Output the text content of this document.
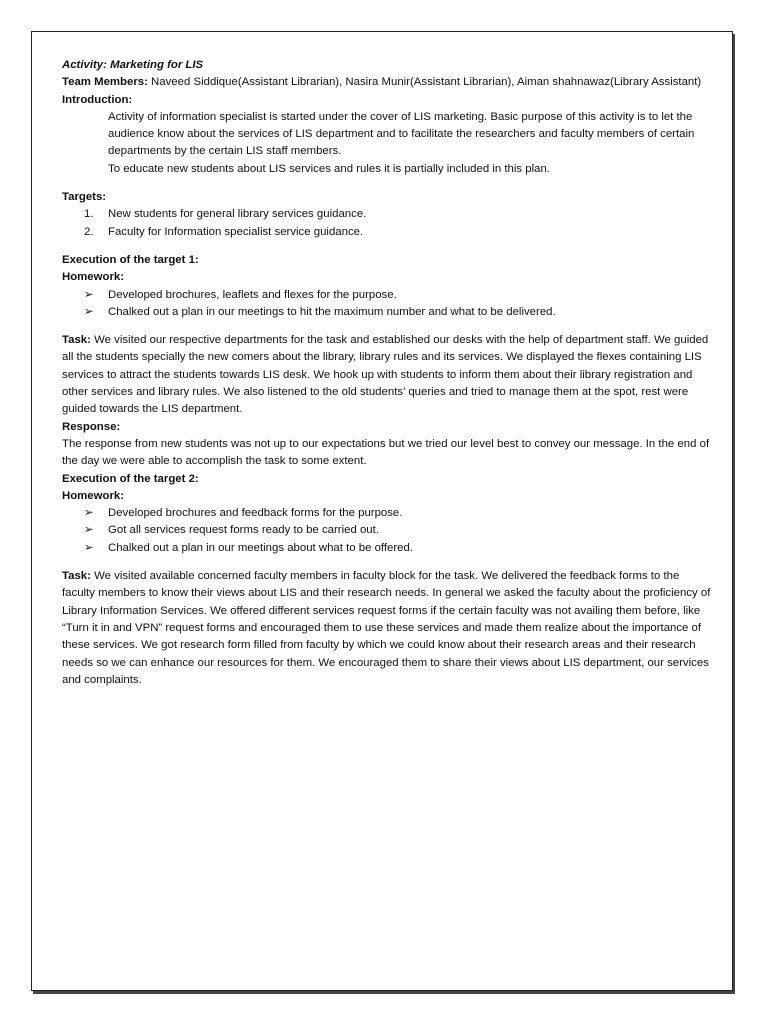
Activity: Marketing for LIS

Team Members: Naveed Siddique(Assistant Librarian), Nasira Munir(Assistant Librarian), Aiman shahnawaz(Library Assistant)

Introduction:

Activity of information specialist is started under the cover of LIS marketing. Basic purpose of this activity is to let the audience know about the services of LIS department and to facilitate the researchers and faculty members of certain departments by the certain LIS staff members.

To educate new students about LIS services and rules it is partially included in this plan.

Targets:

1. New students for general library services guidance.
2. Faculty for Information specialist service guidance.

Execution of the target 1:

Homework:

➢ Developed brochures, leaflets and flexes for the purpose.
➢ Chalked out a plan in our meetings to hit the maximum number and what to be delivered.

Task: We visited our respective departments for the task and established our desks with the help of department staff. We guided all the students specially the new comers about the library, library rules and its services. We displayed the flexes containing LIS services to attract the students towards LIS desk. We hook up with students to inform them about their library registration and other services and library rules. We also listened to the old students’ queries and tried to manage them at the spot, rest were guided towards the LIS department.

Response:

The response from new students was not up to our expectations but we tried our level best to convey our message. In the end of the day we were able to accomplish the task to some extent.

Execution of the target 2:

Homework:

➢ Developed brochures and feedback forms for the purpose.
➢ Got all services request forms ready to be carried out.
➢ Chalked out a plan in our meetings about what to be offered.

Task: We visited available concerned faculty members in faculty block for the task. We delivered the feedback forms to the faculty members to know their views about LIS and their research needs. In general we asked the faculty about the proficiency of Library Information Services. We offered different services request forms if the certain faculty was not availing them before, like “Turn it in and VPN” request forms and encouraged them to use these services and made them realize about the importance of these services. We got research form filled from faculty by which we could know about their research areas and their research needs so we can enhance our resources for them. We encouraged them to share their views about LIS department, our services and complaints.
